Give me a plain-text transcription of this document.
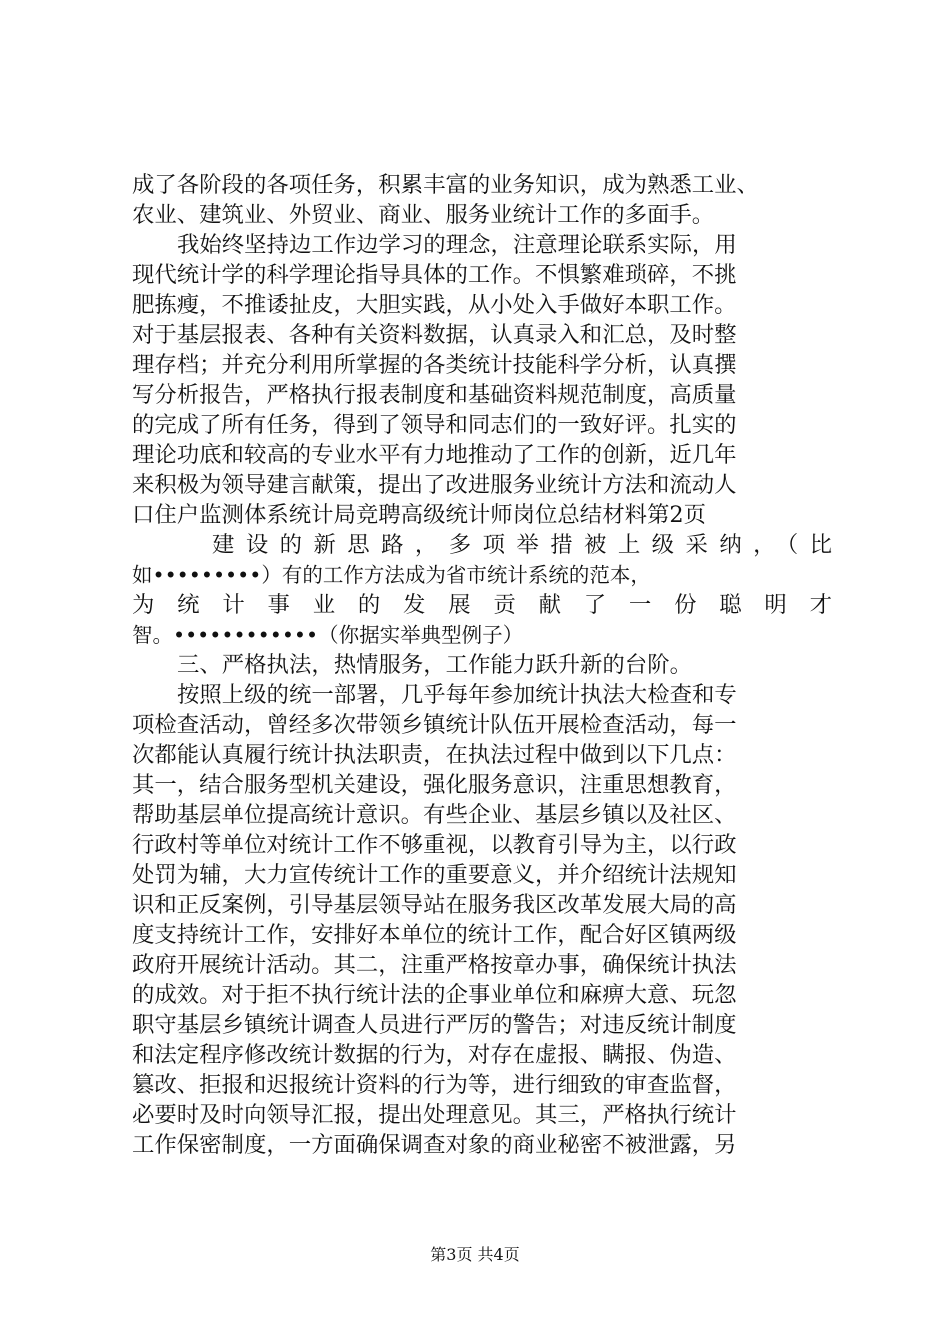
成了各阶段的各项任务，积累丰富的业务知识，成为熟悉工业、
农业、建筑业、外贸业、商业、服务业统计工作的多面手。
我始终坚持边工作边学习的理念，注意理论联系实际，用
现代统计学的科学理论指导具体的工作。不惧繁难琐碎，不挑
肥拣瘦，不推诿扯皮，大胆实践，从小处入手做好本职工作。
对于基层报表、各种有关资料数据，认真录入和汇总，及时整
理存档；并充分利用所掌握的各类统计技能科学分析，认真撰
写分析报告，严格执行报表制度和基础资料规范制度，高质量
的完成了所有任务，得到了领导和同志们的一致好评。扎实的
理论功底和较高的专业水平有力地推动了工作的创新，近几年
来积极为领导建言献策，提出了改进服务业统计方法和流动人
口住户监测体系统计局竞聘高级统计师岗位总结材料第2页
建设的新思路，多项举措被上级采纳，（比
如•••••••••）有的工作方法成为省市统计系统的范本，
为统计事业的发展贡献了一份聪明才
智。••••••••••••（你据实举典型例子）
三、严格执法，热情服务，工作能力跃升新的台阶。
按照上级的统一部署，几乎每年参加统计执法大检查和专
项检查活动，曾经多次带领乡镇统计队伍开展检查活动，每一
次都能认真履行统计执法职责，在执法过程中做到以下几点：
其一，结合服务型机关建设，强化服务意识，注重思想教育，
帮助基层单位提高统计意识。有些企业、基层乡镇以及社区、
行政村等单位对统计工作不够重视，以教育引导为主，以行政
处罚为辅，大力宣传统计工作的重要意义，并介绍统计法规知
识和正反案例，引导基层领导站在服务我区改革发展大局的高
度支持统计工作，安排好本单位的统计工作，配合好区镇两级
政府开展统计活动。其二，注重严格按章办事，确保统计执法
的成效。对于拒不执行统计法的企事业单位和麻痹大意、玩忽
职守基层乡镇统计调查人员进行严厉的警告；对违反统计制度
和法定程序修改统计数据的行为，对存在虚报、瞒报、伪造、
篡改、拒报和迟报统计资料的行为等，进行细致的审查监督，
必要时及时向领导汇报，提出处理意见。其三，严格执行统计
工作保密制度，一方面确保调查对象的商业秘密不被泄露，另
第3页 共4页
